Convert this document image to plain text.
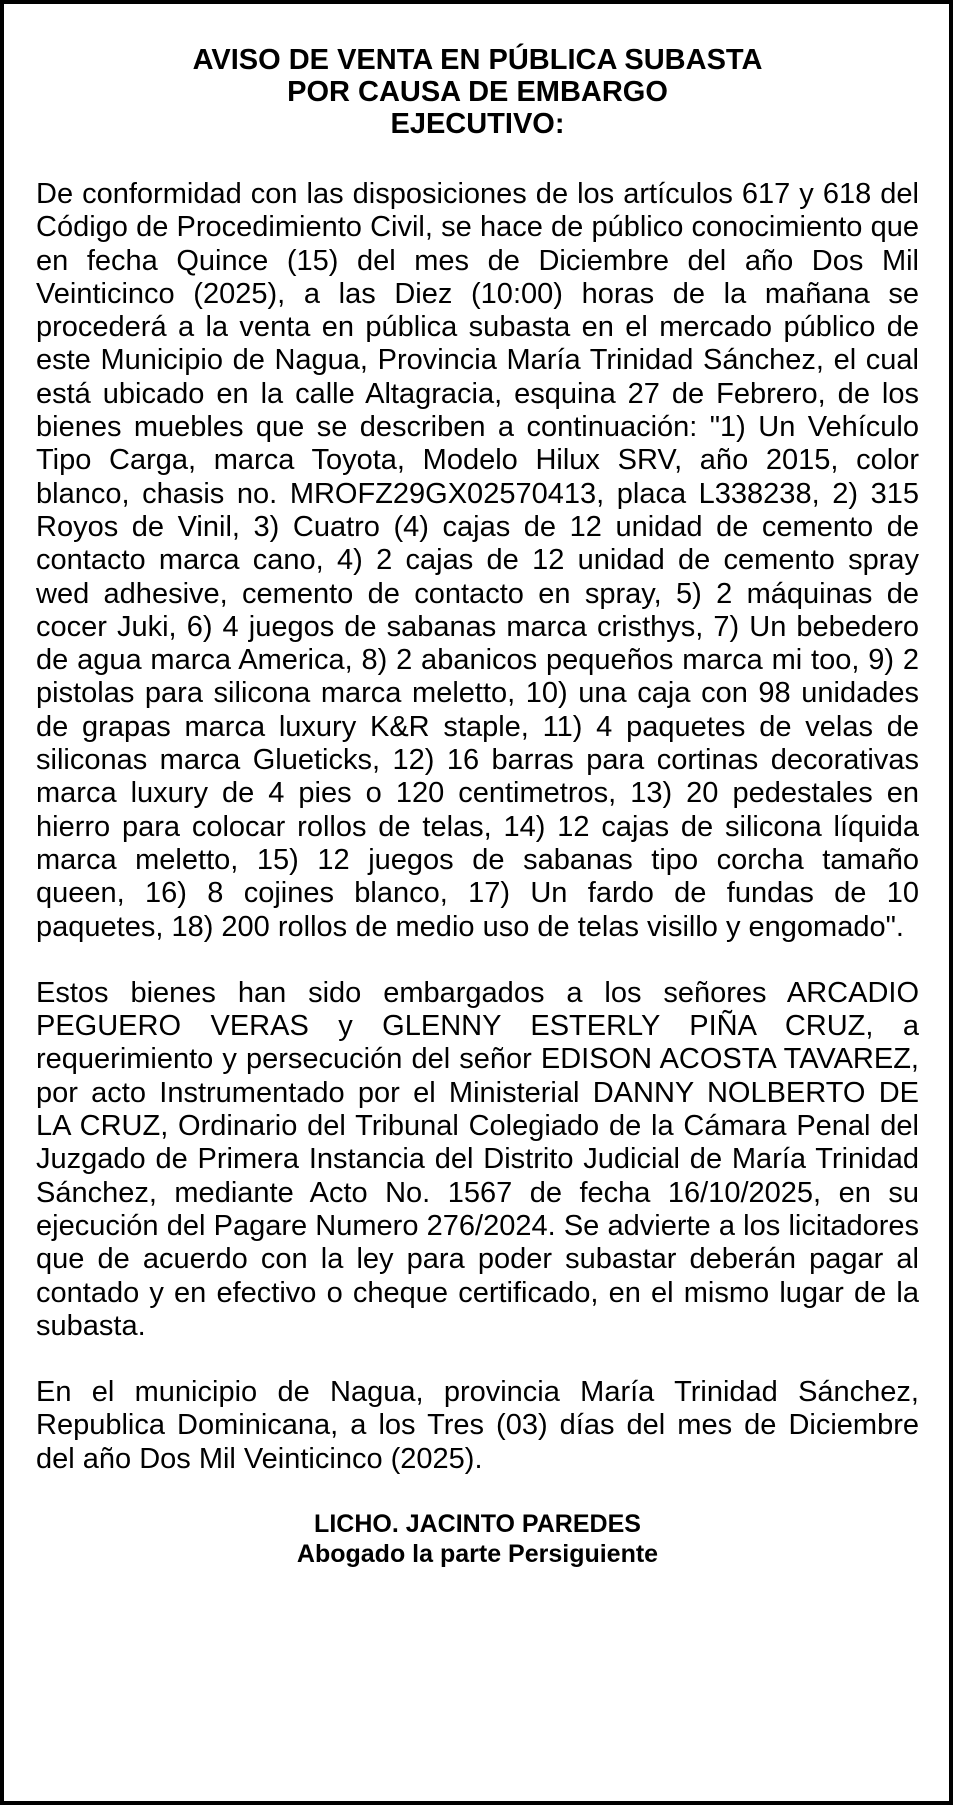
AVISO DE VENTA EN PÚBLICA SUBASTA
POR CAUSA DE EMBARGO
EJECUTIVO:

De conformidad con las disposiciones de los artículos 617 y 618 del Código de Procedimiento Civil, se hace de público conocimiento que en fecha Quince (15) del mes de Diciembre del año Dos Mil Veinticinco (2025), a las Diez (10:00) horas de la mañana se procederá a la venta en pública subasta en el mercado público de este Municipio de Nagua, Provincia María Trinidad Sánchez, el cual está ubicado en la calle Altagracia, esquina 27 de Febrero, de los bienes muebles que se describen a continuación: "1) Un Vehículo Tipo Carga, marca Toyota, Modelo Hilux SRV, año 2015, color blanco, chasis no. MROFZ29GX02570413, placa L338238, 2) 315 Royos de Vinil, 3) Cuatro (4) cajas de 12 unidad de cemento de contacto marca cano, 4) 2 cajas de 12 unidad de cemento spray wed adhesive, cemento de contacto en spray, 5) 2 máquinas de cocer Juki, 6) 4 juegos de sabanas marca cristhys, 7) Un bebedero de agua marca America, 8) 2 abanicos pequeños marca mi too, 9) 2 pistolas para silicona marca meletto, 10) una caja con 98 unidades de grapas marca luxury K&R staple, 11) 4 paquetes de velas de siliconas marca Glueticks, 12) 16 barras para cortinas decorativas marca luxury de 4 pies o 120 centimetros, 13) 20 pedestales en hierro para colocar rollos de telas, 14) 12 cajas de silicona líquida marca meletto, 15) 12 juegos de sabanas tipo corcha tamaño queen, 16) 8 cojines blanco, 17) Un fardo de fundas de 10 paquetes, 18) 200 rollos de medio uso de telas visillo y engomado".

Estos bienes han sido embargados a los señores ARCADIO PEGUERO VERAS y GLENNY ESTERLY PIÑA CRUZ, a requerimiento y persecución del señor EDISON ACOSTA TAVAREZ, por acto Instrumentado por el Ministerial DANNY NOLBERTO DE LA CRUZ, Ordinario del Tribunal Colegiado de la Cámara Penal del Juzgado de Primera Instancia del Distrito Judicial de María Trinidad Sánchez, mediante Acto No. 1567 de fecha 16/10/2025, en su ejecución del Pagare Numero 276/2024. Se advierte a los licitadores que de acuerdo con la ley para poder subastar deberán pagar al contado y en efectivo o cheque certificado, en el mismo lugar de la subasta.

En el municipio de Nagua, provincia María Trinidad Sánchez, Republica Dominicana, a los Tres (03) días del mes de Diciembre del año Dos Mil Veinticinco (2025).

LICHO. JACINTO PAREDES
Abogado la parte Persiguiente
